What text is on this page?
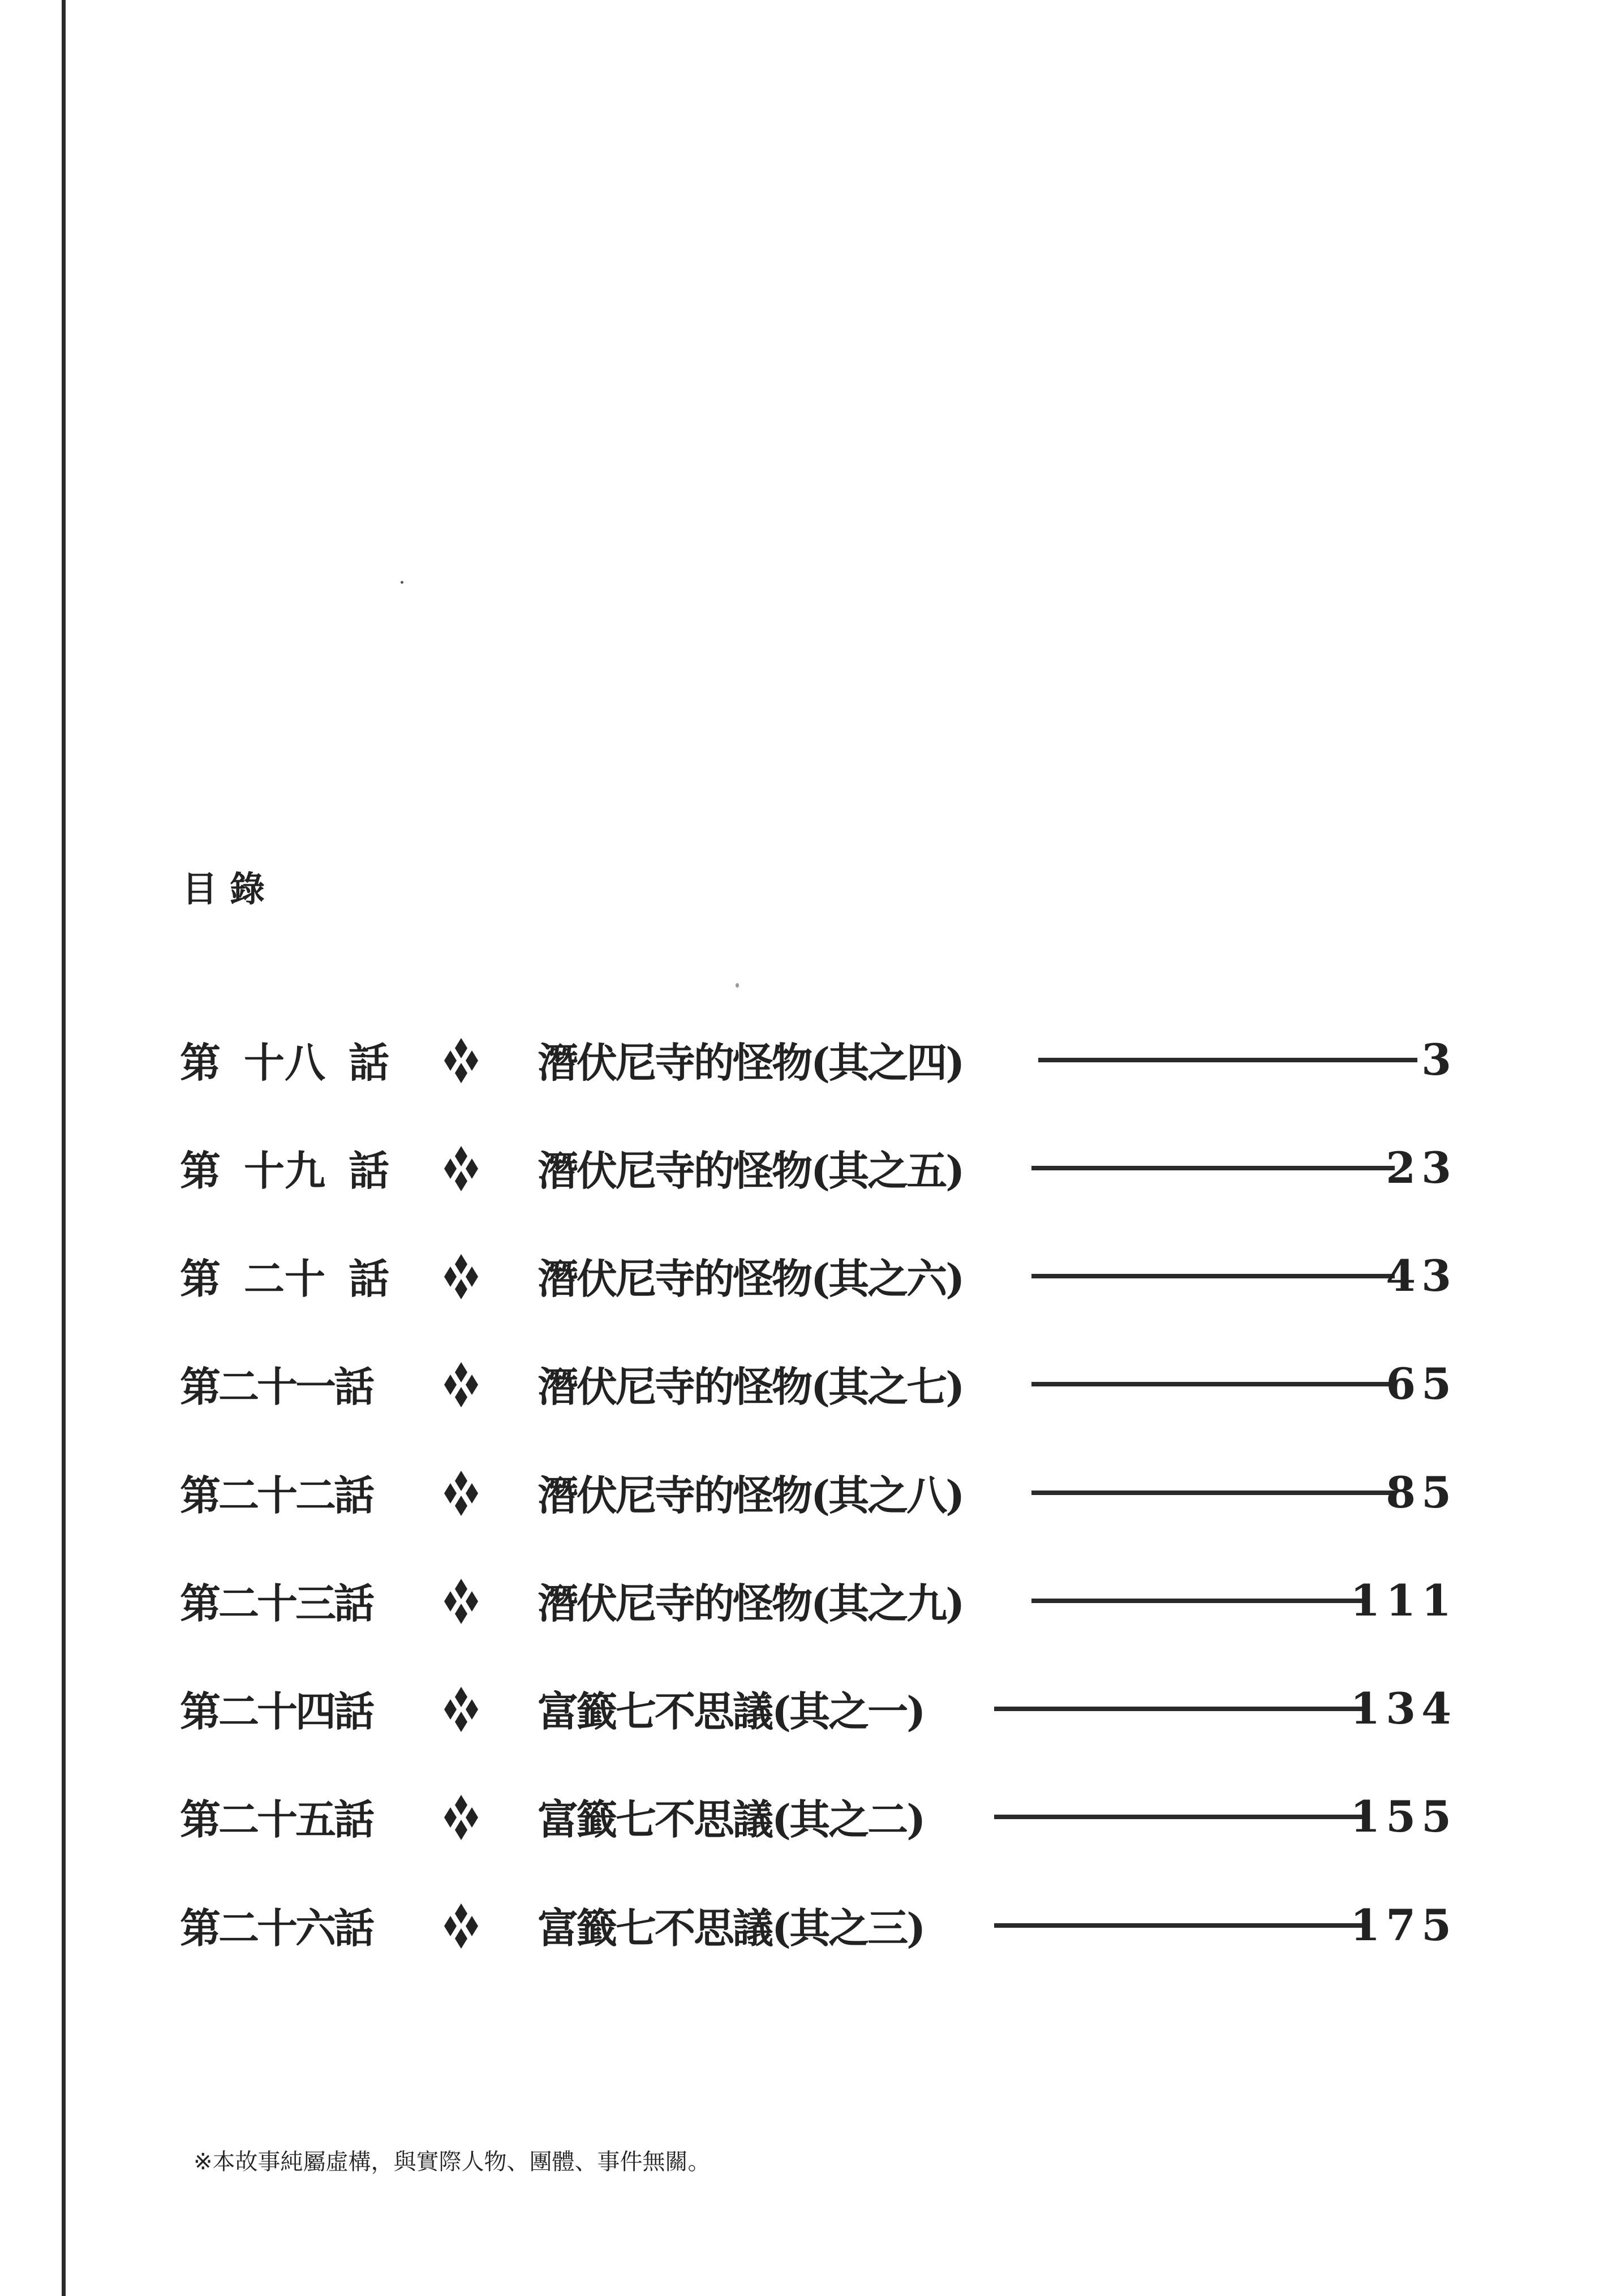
目錄
第 十八 話	潛伏尼寺的怪物(其之四)	3
第 十九 話	潛伏尼寺的怪物(其之五)	23
第 二十 話	潛伏尼寺的怪物(其之六)	43
第二十一話	潛伏尼寺的怪物(其之七)	65
第二十二話	潛伏尼寺的怪物(其之八)	85
第二十三話	潛伏尼寺的怪物(其之九)	111
第二十四話	富籤七不思議(其之一)	134
第二十五話	富籤七不思議(其之二)	155
第二十六話	富籤七不思議(其之三)	175
※本故事純屬虛構，與實際人物、團體、事件無關。
